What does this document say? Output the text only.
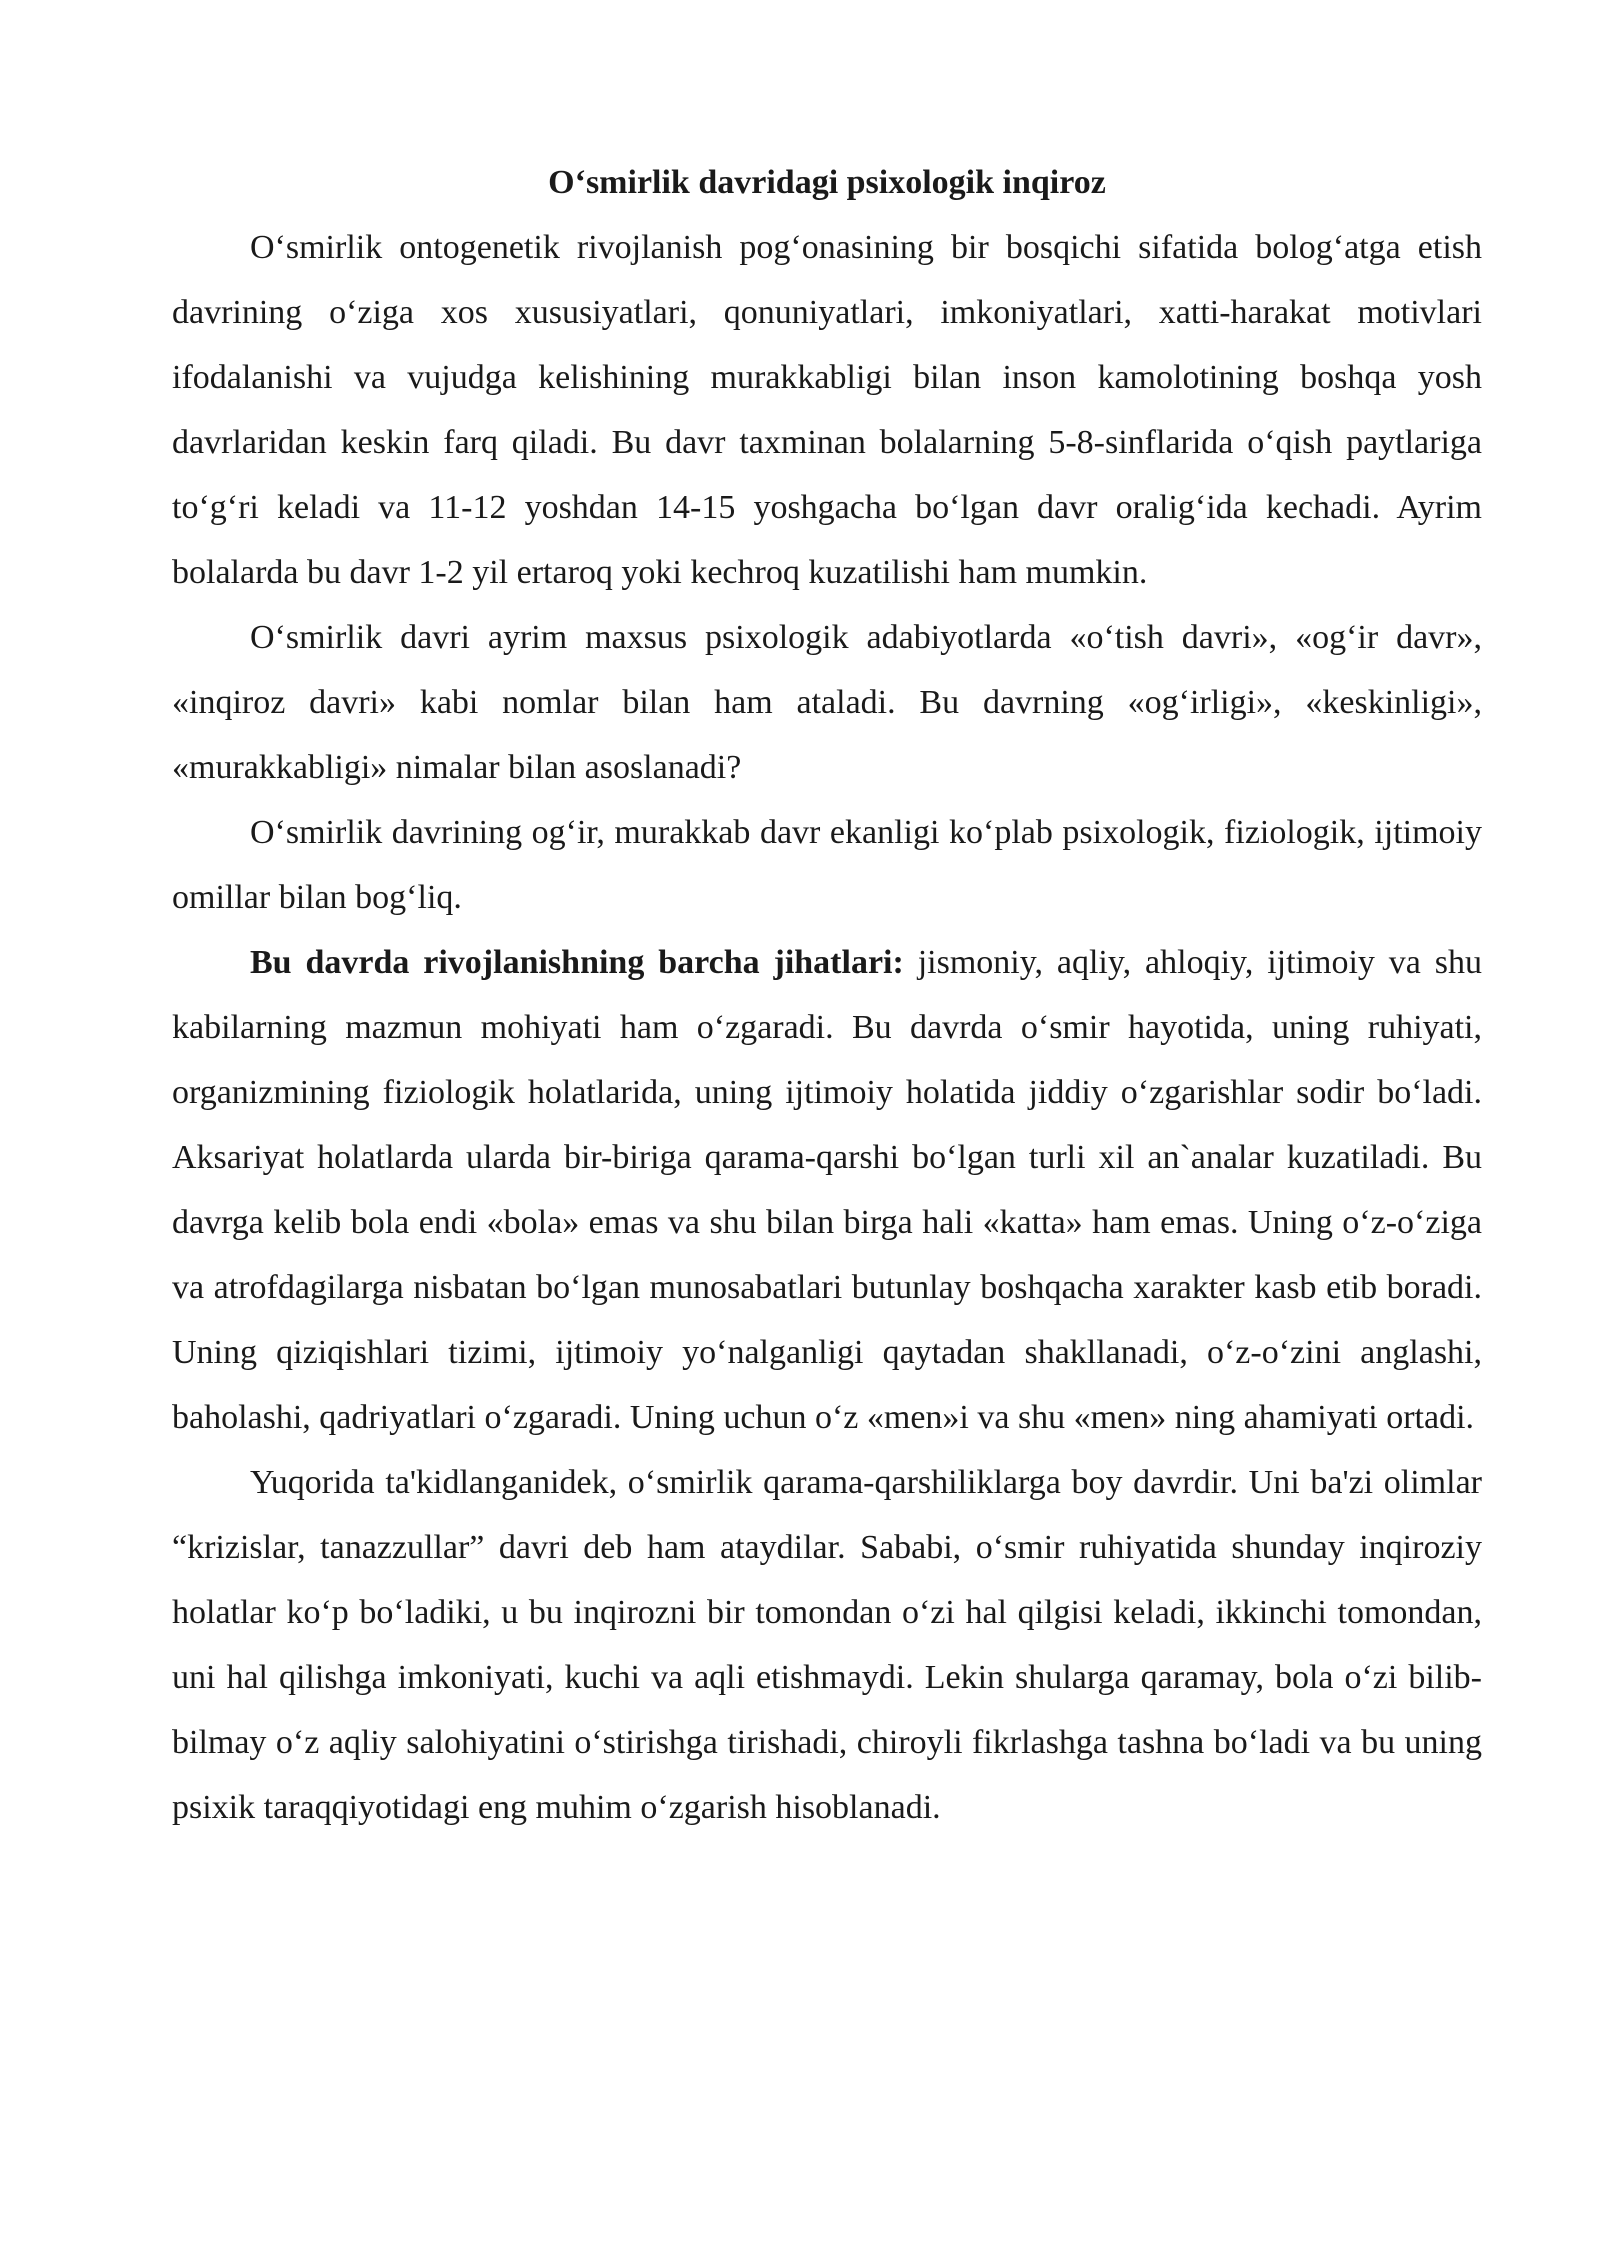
O‘smirlik davridagi psixologik inqiroz

O‘smirlik ontogenetik rivojlanish pog‘onasining bir bosqichi sifatida bolog‘atga etish davrining o‘ziga xos xususiyatlari, qonuniyatlari, imkoniyatlari, xatti-harakat motivlari ifodalanishi va vujudga kelishining murakkabligi bilan inson kamolotining boshqa yosh davrlaridan keskin farq qiladi. Bu davr taxminan bolalarning 5-8-sinflarida o‘qish paytlariga to‘g‘ri keladi va 11-12 yoshdan 14-15 yoshgacha bo‘lgan davr oralig‘ida kechadi. Ayrim bolalarda bu davr 1-2 yil ertaroq yoki kechroq kuzatilishi ham mumkin.

O‘smirlik davri ayrim maxsus psixologik adabiyotlarda «o‘tish davri», «og‘ir davr», «inqiroz davri» kabi nomlar bilan ham ataladi. Bu davrning «og‘irligi», «keskinligi», «murakkabligi» nimalar bilan asoslanadi?

O‘smirlik davrining og‘ir, murakkab davr ekanligi ko‘plab psixologik, fiziologik, ijtimoiy omillar bilan bog‘liq.

Bu davrda rivojlanishning barcha jihatlari: jismoniy, aqliy, ahloqiy, ijtimoiy va shu kabilarning mazmun mohiyati ham o‘zgaradi. Bu davrda o‘smir hayotida, uning ruhiyati, organizmining fiziologik holatlarida, uning ijtimoiy holatida jiddiy o‘zgarishlar sodir bo‘ladi. Aksariyat holatlarda ularda bir-biriga qarama-qarshi bo‘lgan turli xil an`analar kuzatiladi. Bu davrga kelib bola endi «bola» emas va shu bilan birga hali «katta» ham emas. Uning o‘z-o‘ziga va atrofdagilarga nisbatan bo‘lgan munosabatlari butunlay boshqacha xarakter kasb etib boradi. Uning qiziqishlari tizimi, ijtimoiy yo‘nalganligi qaytadan shakllanadi, o‘z-o‘zini anglashi, baholashi, qadriyatlari o‘zgaradi. Uning uchun o‘z «men»i va shu «men» ning ahamiyati ortadi.

Yuqorida ta'kidlanganidek, o‘smirlik qarama-qarshiliklarga boy davrdir. Uni ba'zi olimlar “krizislar, tanazzullar” davri deb ham ataydilar. Sababi, o‘smir ruhiyatida shunday inqiroziy holatlar ko‘p bo‘ladiki, u bu inqirozni bir tomondan o‘zi hal qilgisi keladi, ikkinchi tomondan, uni hal qilishga imkoniyati, kuchi va aqli etishmaydi. Lekin shularga qaramay, bola o‘zi bilib-bilmay o‘z aqliy salohiyatini o‘stirishga tirishadi, chiroyli fikrlashga tashna bo‘ladi va bu uning psixik taraqqiyotidagi eng muhim o‘zgarish hisoblanadi.
